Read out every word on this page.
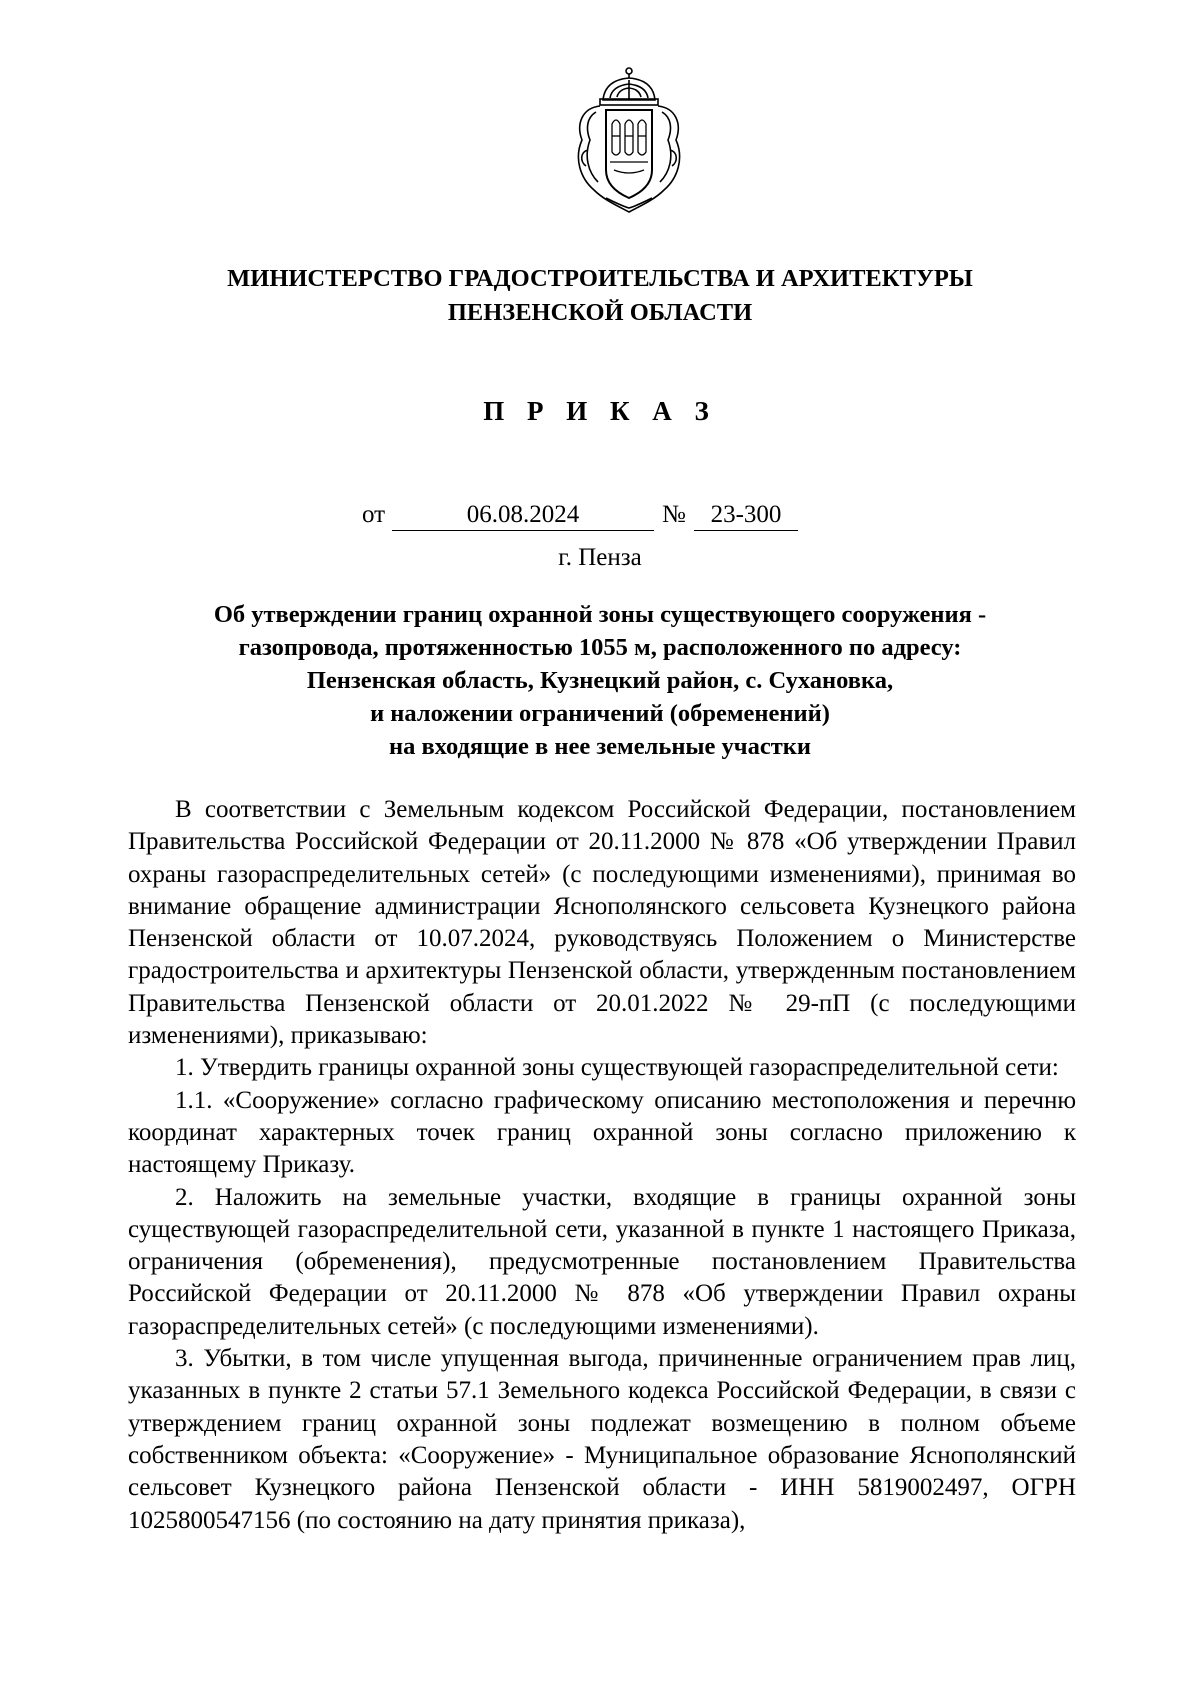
МИНИСТЕРСТВО ГРАДОСТРОИТЕЛЬСТВА И АРХИТЕКТУРЫ
ПЕНЗЕНСКОЙ ОБЛАСТИ
П Р И К А З
от	06.08.2024	№ 23-300
г. Пенза
Об утверждении границ охранной зоны существующего сооружения -
газопровода, протяженностью 1055 м, расположенного по адресу:
Пензенская область, Кузнецкий район, с. Сухановка,
и наложении ограничений (обременений)
на входящие в нее земельные участки

В соответствии с Земельным кодексом Российской Федерации, постановлением Правительства Российской Федерации от 20.11.2000 № 878 «Об утверждении Правил охраны газораспределительных сетей» (с последующими изменениями), принимая во внимание обращение администрации Яснополянского сельсовета Кузнецкого района Пензенской области от 10.07.2024, руководствуясь Положением о Министерстве градостроительства и архитектуры Пензенской области, утвержденным постановлением Правительства Пензенской области от 20.01.2022 № 29-пП (с последующими изменениями), приказываю:

1. Утвердить границы охранной зоны существующей газораспределительной сети:

1.1. «Сооружение» согласно графическому описанию местоположения и перечню координат характерных точек границ охранной зоны согласно приложению к настоящему Приказу.

2. Наложить на земельные участки, входящие в границы охранной зоны существующей газораспределительной сети, указанной в пункте 1 настоящего Приказа, ограничения (обременения), предусмотренные постановлением Правительства Российской Федерации от 20.11.2000 № 878 «Об утверждении Правил охраны газораспределительных сетей» (с последующими изменениями).

3. Убытки, в том числе упущенная выгода, причиненные ограничением прав лиц, указанных в пункте 2 статьи 57.1 Земельного кодекса Российской Федерации, в связи с утверждением границ охранной зоны подлежат возмещению в полном объеме собственником объекта: «Сооружение» - Муниципальное образование Яснополянский сельсовет Кузнецкого района Пензенской области - ИНН 5819002497, ОГРН 1025800547156 (по состоянию на дату принятия приказа),
